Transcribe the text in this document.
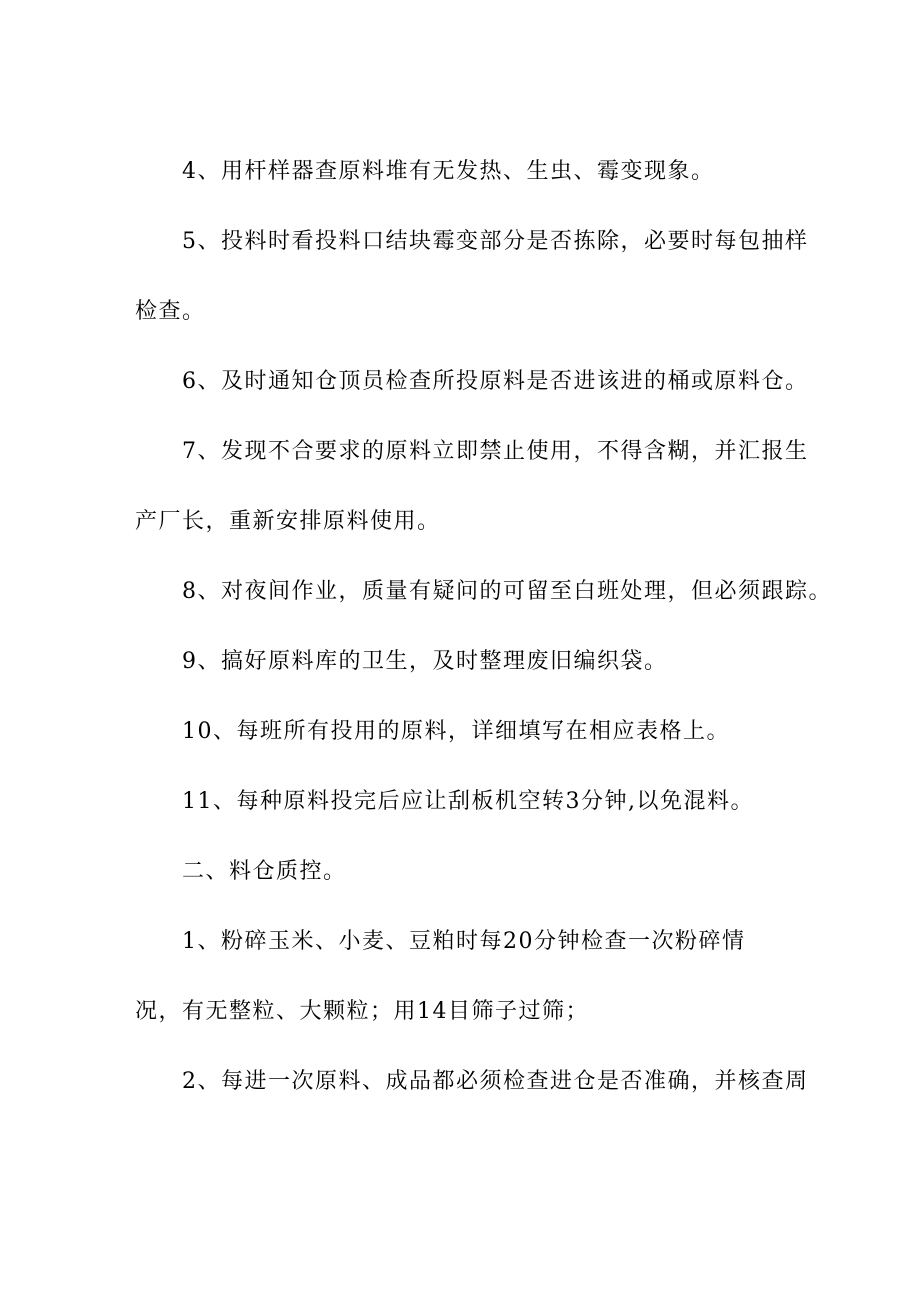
4、用杆样器查原料堆有无发热、生虫、霉变现象。
5、投料时看投料口结块霉变部分是否拣除，必要时每包抽样
检查。
6、及时通知仓顶员检查所投原料是否进该进的桶或原料仓。
7、发现不合要求的原料立即禁止使用，不得含糊，并汇报生
产厂长，重新安排原料使用。
8、对夜间作业，质量有疑问的可留至白班处理，但必须跟踪。
9、搞好原料库的卫生，及时整理废旧编织袋。
10、每班所有投用的原料，详细填写在相应表格上。
11、每种原料投完后应让刮板机空转3分钟,以免混料。
二、料仓质控。
1、粉碎玉米、小麦、豆粕时每20分钟检查一次粉碎情
况，有无整粒、大颗粒；用14目筛子过筛；
2、每进一次原料、成品都必须检查进仓是否准确，并核查周
